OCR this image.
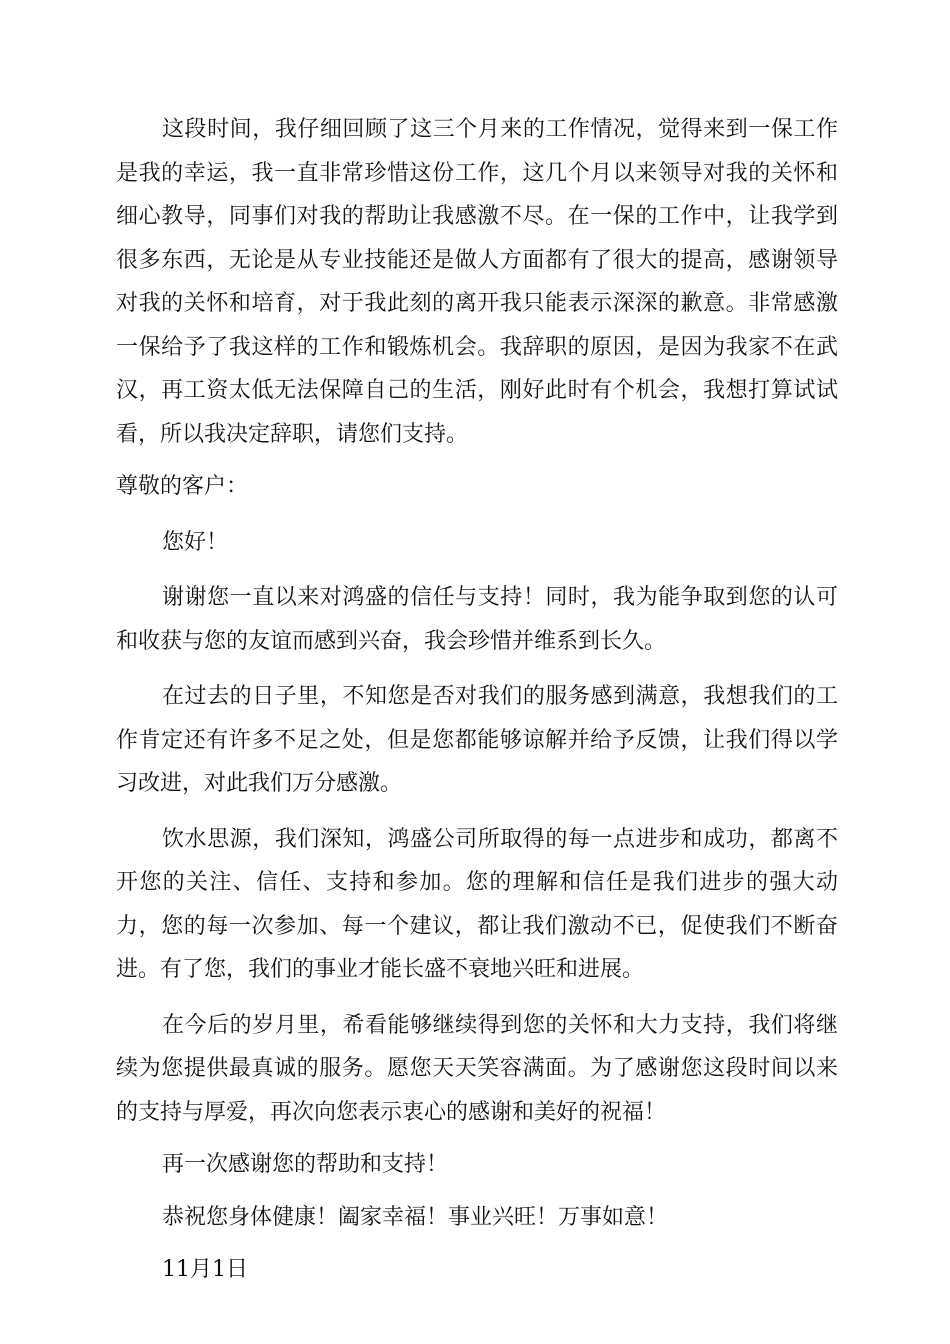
这段时间，我仔细回顾了这三个月来的工作情况，觉得来到一保工作是我的幸运，我一直非常珍惜这份工作，这几个月以来领导对我的关怀和细心教导，同事们对我的帮助让我感激不尽。在一保的工作中，让我学到很多东西，无论是从专业技能还是做人方面都有了很大的提高，感谢领导对我的关怀和培育，对于我此刻的离开我只能表示深深的歉意。非常感激一保给予了我这样的工作和锻炼机会。我辞职的原因，是因为我家不在武汉，再工资太低无法保障自己的生活，刚好此时有个机会，我想打算试试看，所以我决定辞职，请您们支持。

尊敬的客户：

您好！

谢谢您一直以来对鸿盛的信任与支持！同时，我为能争取到您的认可和收获与您的友谊而感到兴奋，我会珍惜并维系到长久。

在过去的日子里，不知您是否对我们的服务感到满意，我想我们的工作肯定还有许多不足之处，但是您都能够谅解并给予反馈，让我们得以学习改进，对此我们万分感激。

饮水思源，我们深知，鸿盛公司所取得的每一点进步和成功，都离不开您的关注、信任、支持和参加。您的理解和信任是我们进步的强大动力，您的每一次参加、每一个建议，都让我们激动不已，促使我们不断奋进。有了您，我们的事业才能长盛不衰地兴旺和进展。

在今后的岁月里，希看能够继续得到您的关怀和大力支持，我们将继续为您提供最真诚的服务。愿您天天笑容满面。为了感谢您这段时间以来的支持与厚爱，再次向您表示衷心的感谢和美好的祝福！

再一次感谢您的帮助和支持！

恭祝您身体健康！阖家幸福！事业兴旺！万事如意！

11月1日
